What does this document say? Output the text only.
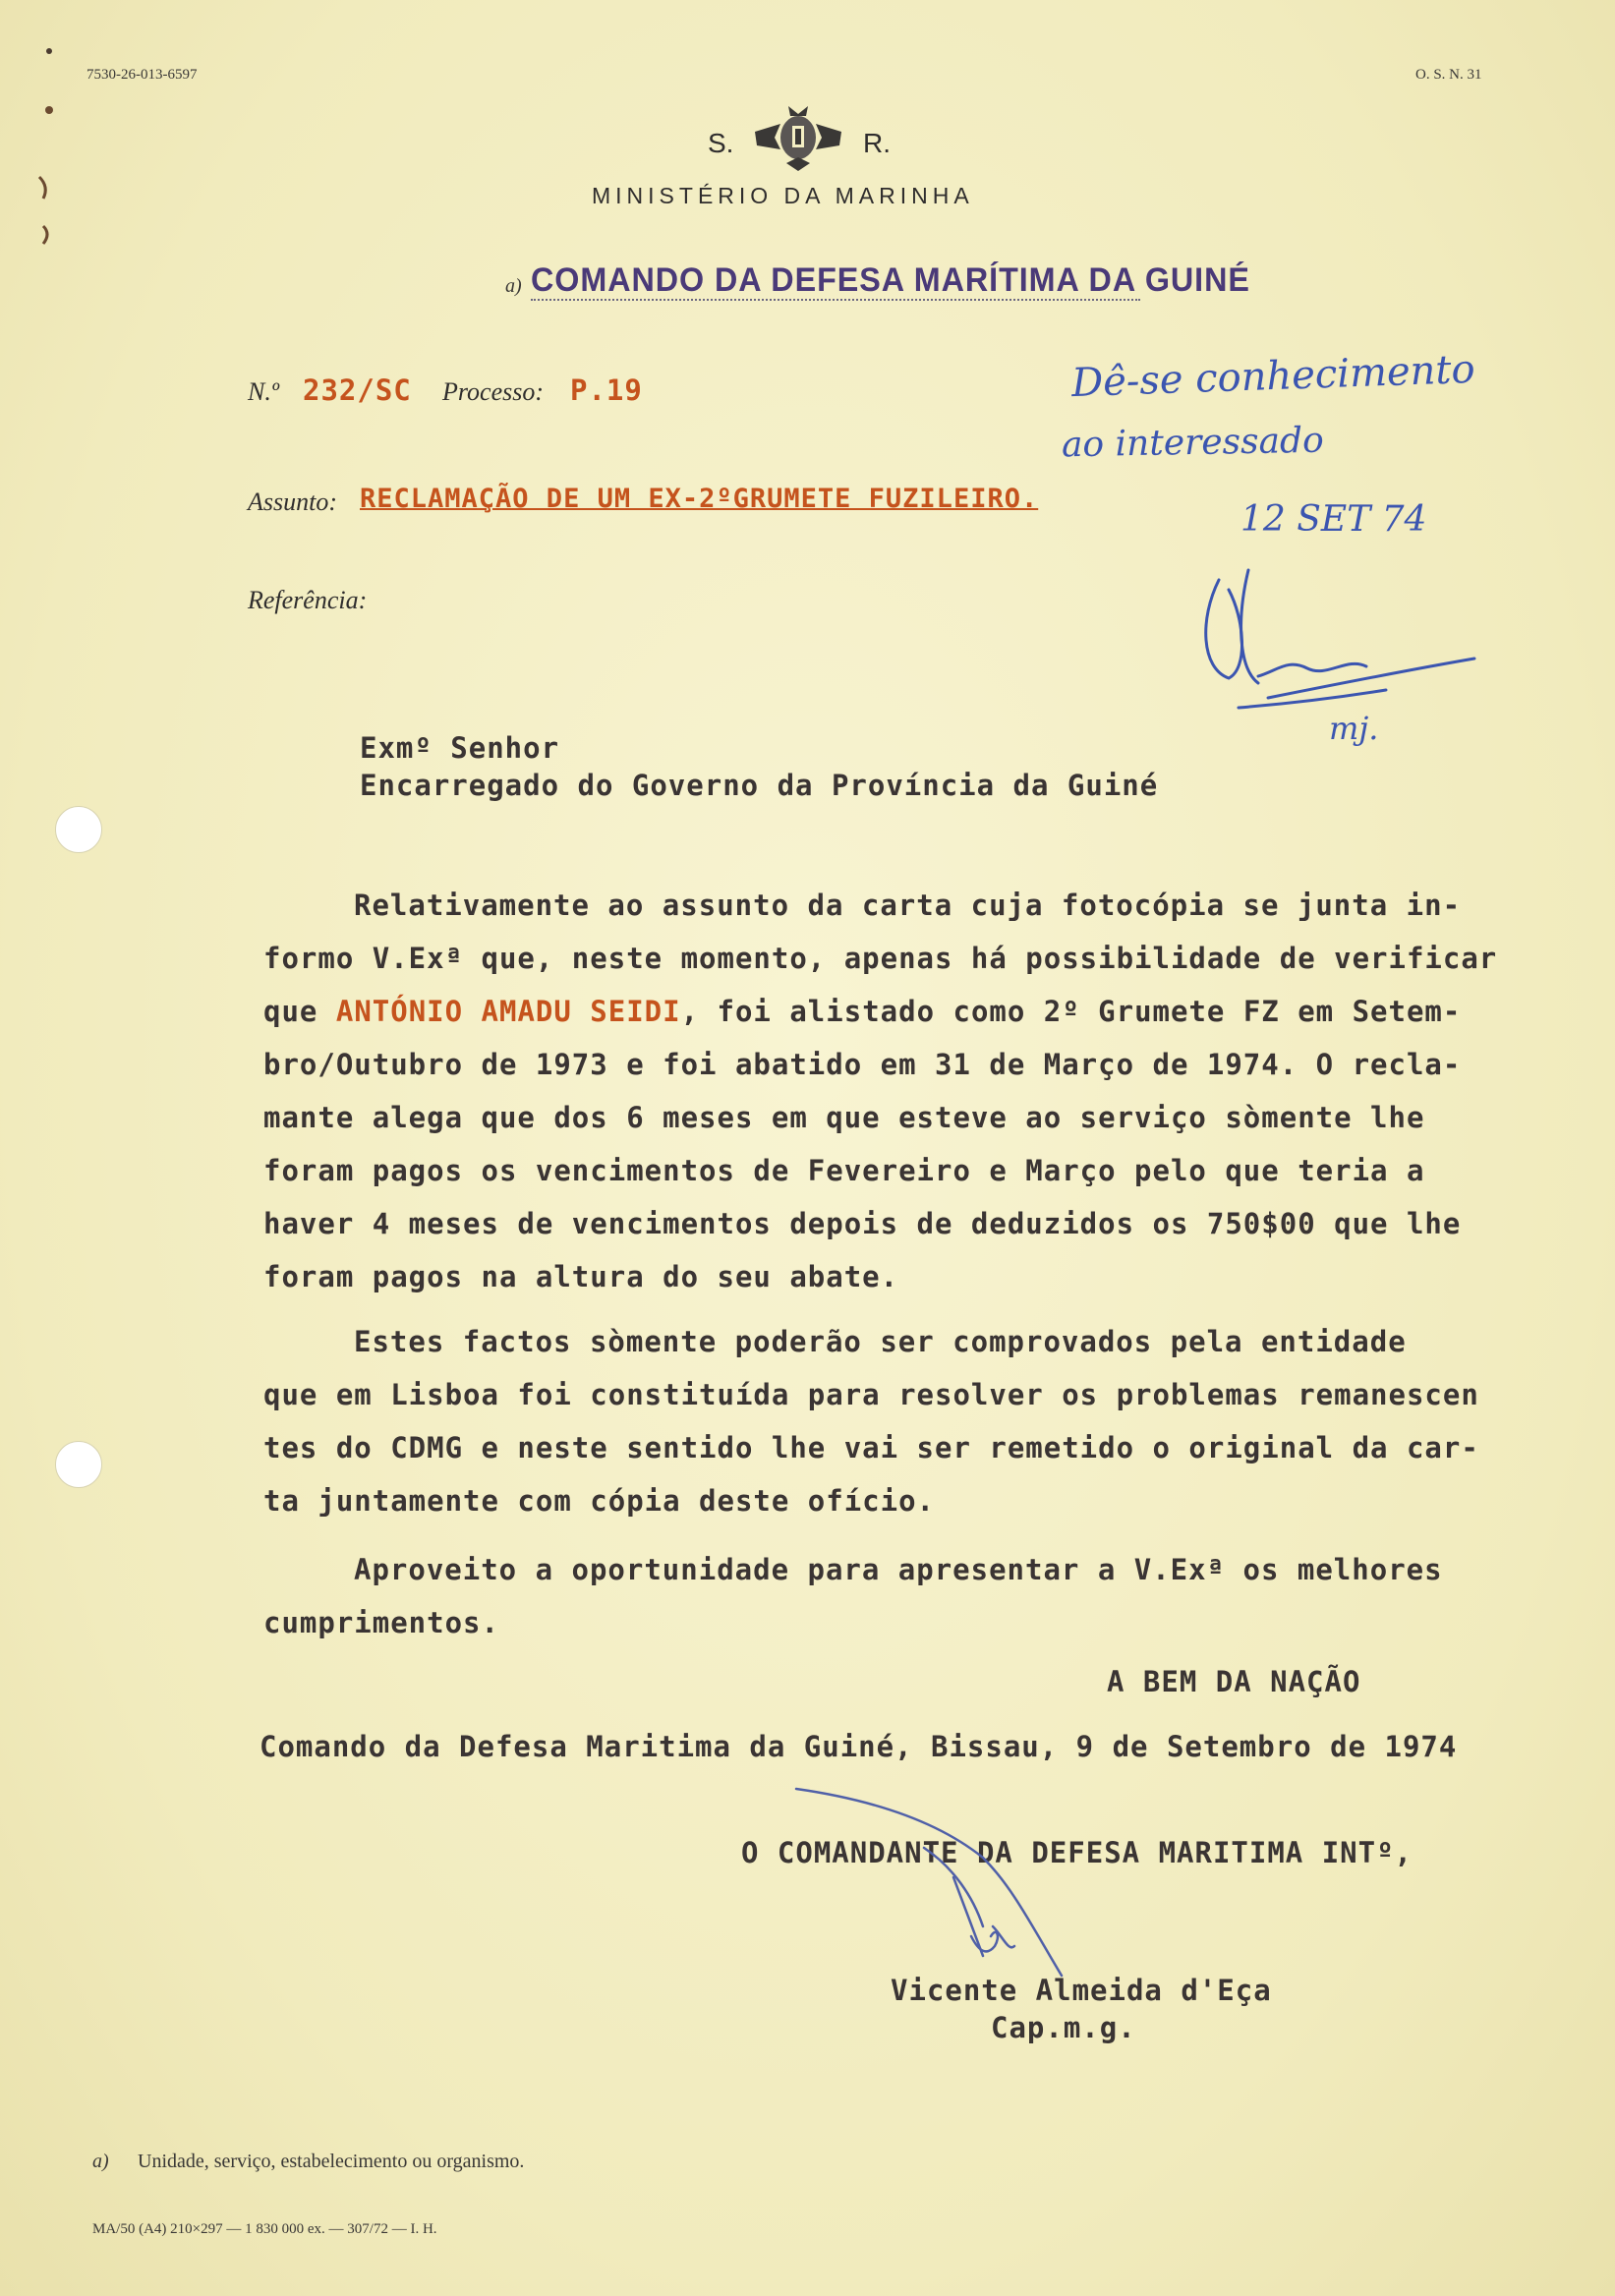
7530-26-013-6597	O. S. N. 31
S.	R.
MINISTÉRIO DA MARINHA
a) COMANDO DA DEFESA MARÍTIMA DA GUINÉ
N.º 232/SC Processo: P.19
Assunto: RECLAMAÇÃO DE UM EX-2ºGRUMETE FUZILEIRO.
Referência:
Dê-se conhecimento
ao interessado
12 SET 74
mj.
Exmº Senhor
Encarregado do Governo da Província da Guiné
Relativamente ao assunto da carta cuja fotocópia se junta in-
formo V.Exª que, neste momento, apenas há possibilidade de verificar
que ANTÓNIO AMADU SEIDI, foi alistado como 2º Grumete FZ em Setem-
bro/Outubro de 1973 e foi abatido em 31 de Março de 1974. O recla-
mante alega que dos 6 meses em que esteve ao serviço sòmente lhe
foram pagos os vencimentos de Fevereiro e Março pelo que teria a
haver 4 meses de vencimentos depois de deduzidos os 750$00 que lhe
foram pagos na altura do seu abate.
Estes factos sòmente poderão ser comprovados pela entidade
que em Lisboa foi constituída para resolver os problemas remanescen
tes do CDMG e neste sentido lhe vai ser remetido o original da car-
ta juntamente com cópia deste ofício.
Aproveito a oportunidade para apresentar a V.Exª os melhores
cumprimentos.
A BEM DA NAÇÃO
Comando da Defesa Maritima da Guiné, Bissau, 9 de Setembro de 1974
O COMANDANTE DA DEFESA MARITIMA INTº,
Vicente Almeida d'Eça
Cap.m.g.
a) Unidade, serviço, estabelecimento ou organismo.
MA/50 (A4) 210×297 — 1 830 000 ex. — 307/72 — I. H.
